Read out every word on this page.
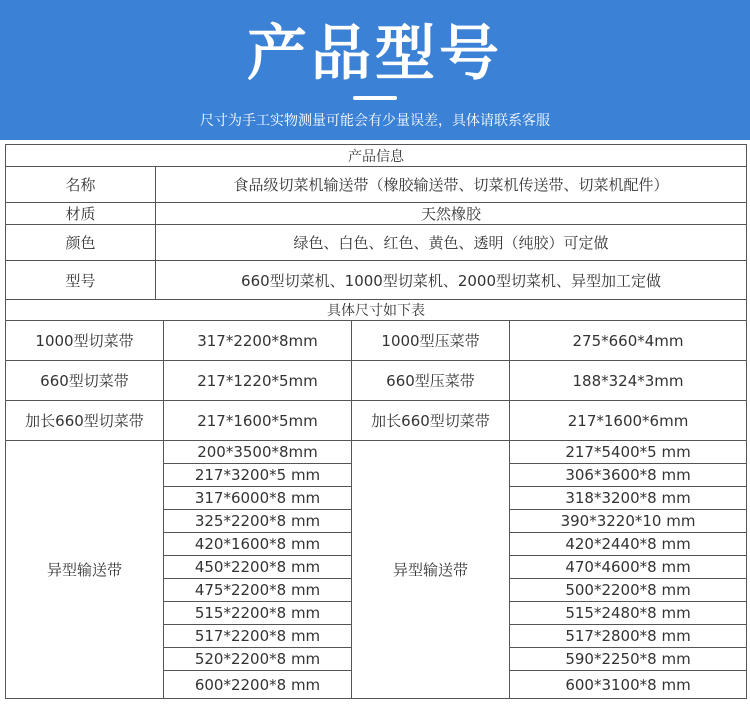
产品型号
尺寸为手工实物测量可能会有少量误差，具体请联系客服
产品信息				
名称	食品级切菜机输送带（橡胶输送带、切菜机传送带、切菜机配件）			
材质	天然橡胶			
颜色	绿色、白色、红色、黄色、透明（纯胶）可定做			
型号	660型切菜机、1000型切菜机、2000型切菜机、异型加工定做			
具体尺寸如下表				
1000型切菜带		317*2200*8mm	1000型压菜带	275*660*4mm
660型切菜带		217*1220*5mm	660型压菜带	188*324*3mm
加长660型切菜带		217*1600*5mm	加长660型切菜带	217*1600*6mm
异型输送带		200*3500*8mm	异型输送带	217*5400*5 mm
		217*3200*5 mm		306*3600*8 mm
		317*6000*8 mm		318*3200*8 mm
		325*2200*8 mm		390*3220*10 mm
		420*1600*8 mm		420*2440*8 mm
		450*2200*8 mm		470*4600*8 mm
		475*2200*8 mm		500*2200*8 mm
		515*2200*8 mm		515*2480*8 mm
		517*2200*8 mm		517*2800*8 mm
		520*2200*8 mm		590*2250*8 mm
		600*2200*8 mm		600*3100*8 mm
